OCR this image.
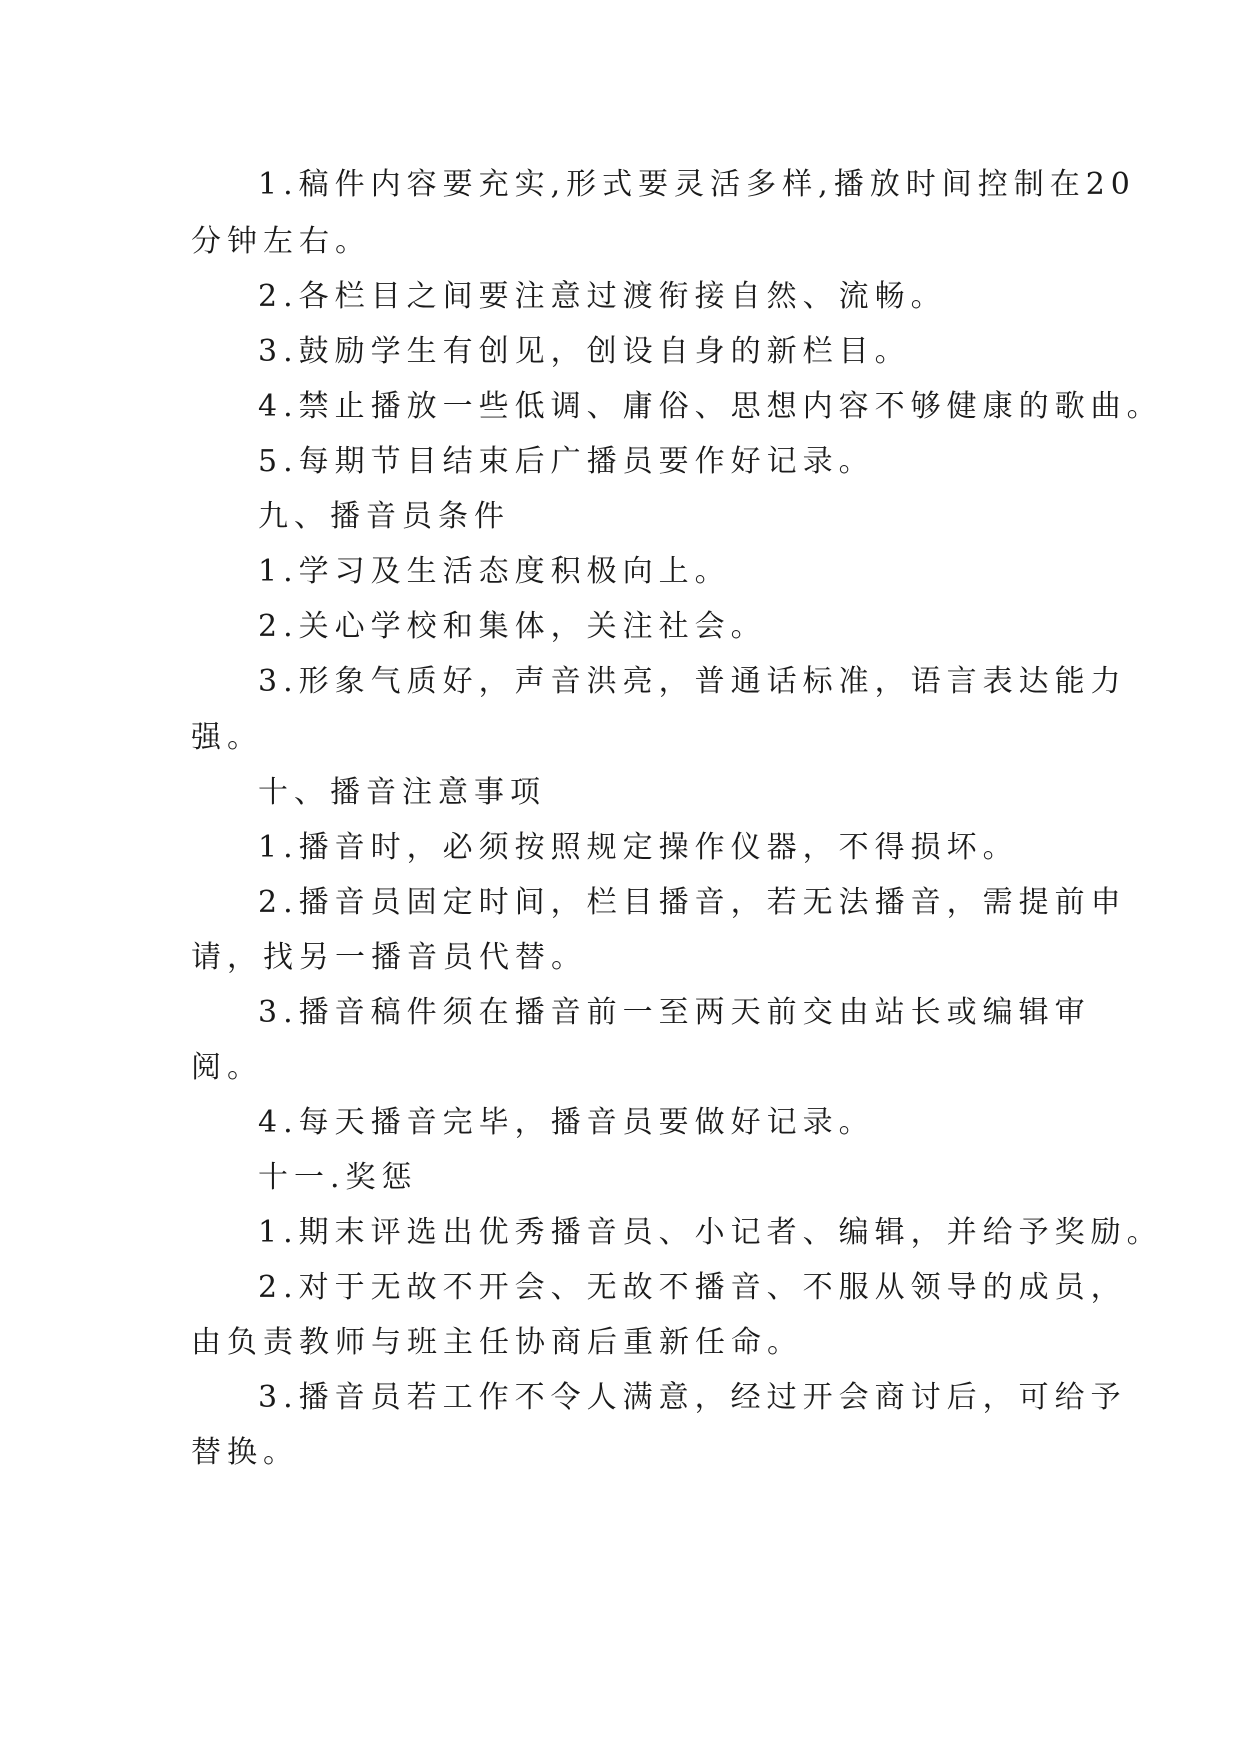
1.稿件内容要充实,形式要灵活多样,播放时间控制在20
分钟左右。
2.各栏目之间要注意过渡衔接自然、流畅。
3.鼓励学生有创见，创设自身的新栏目。
4.禁止播放一些低调、庸俗、思想内容不够健康的歌曲。
5.每期节目结束后广播员要作好记录。
九、播音员条件
1.学习及生活态度积极向上。
2.关心学校和集体，关注社会。
3.形象气质好，声音洪亮，普通话标准，语言表达能力
强。
十、播音注意事项
1.播音时，必须按照规定操作仪器，不得损坏。
2.播音员固定时间，栏目播音，若无法播音，需提前申
请，找另一播音员代替。
3.播音稿件须在播音前一至两天前交由站长或编辑审
阅。
4.每天播音完毕，播音员要做好记录。
十一.奖惩
1.期末评选出优秀播音员、小记者、编辑，并给予奖励。
2.对于无故不开会、无故不播音、不服从领导的成员，
由负责教师与班主任协商后重新任命。
3.播音员若工作不令人满意，经过开会商讨后，可给予
替换。
